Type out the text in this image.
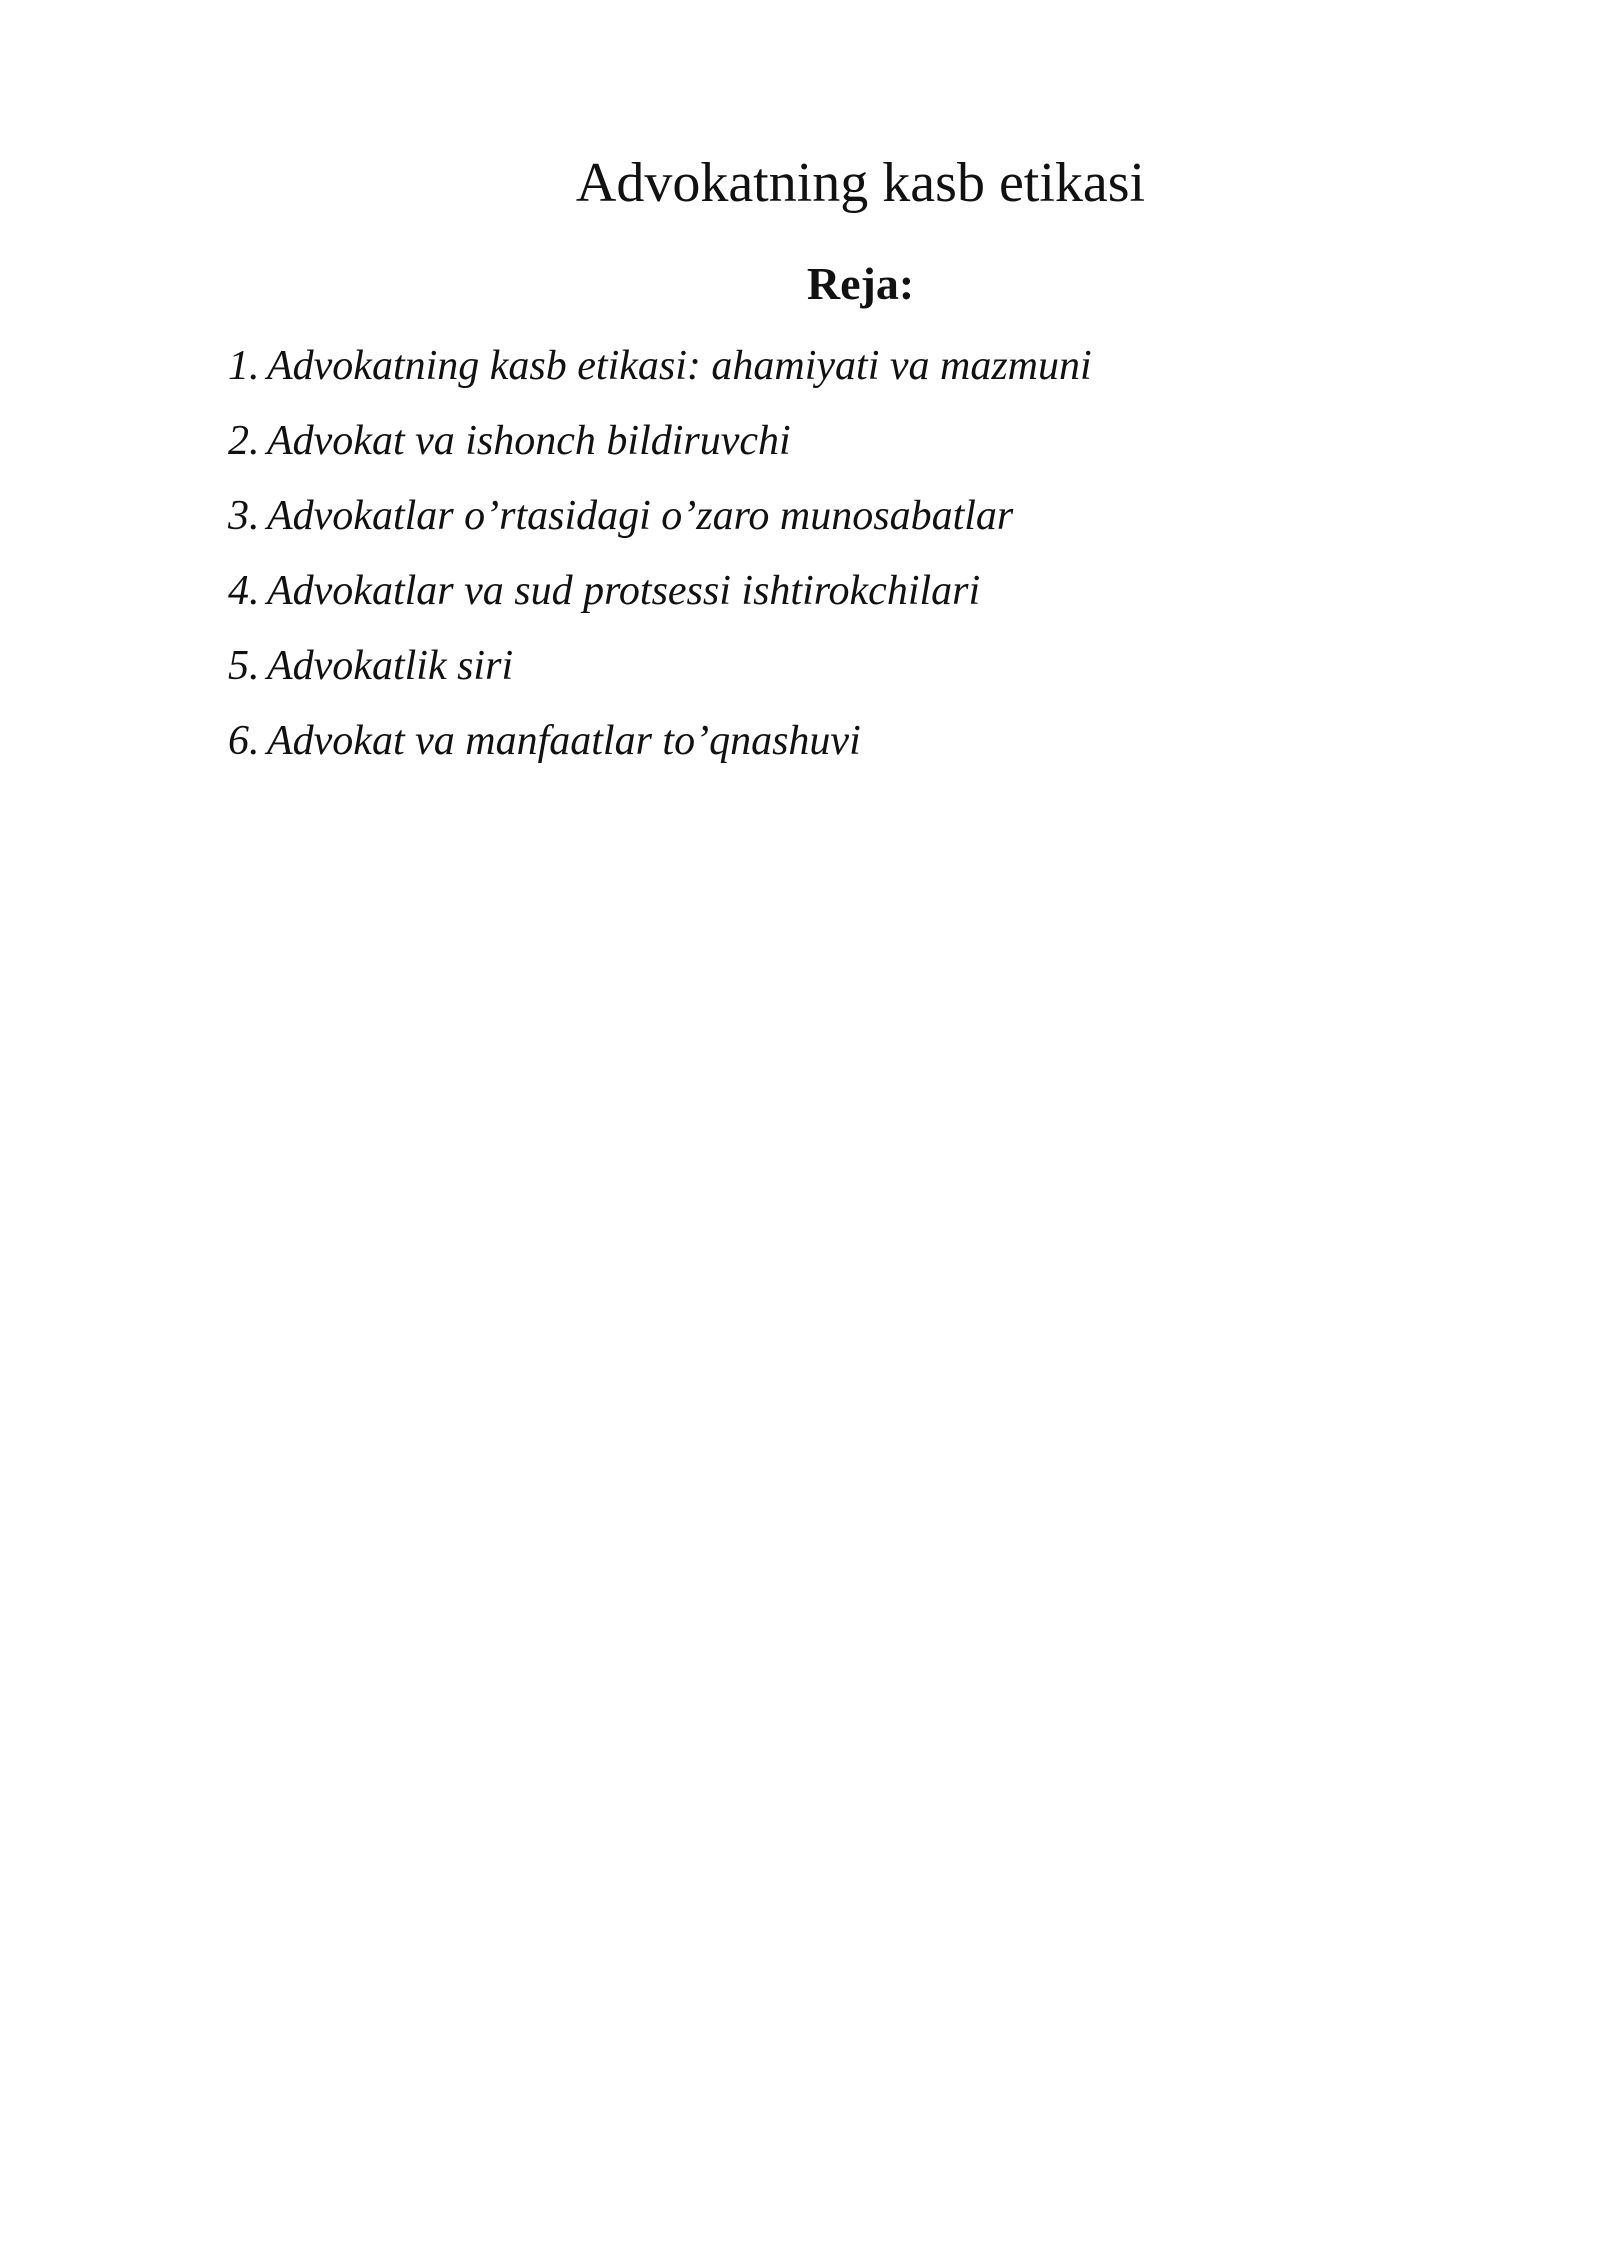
Advokatning kasb etikasi
Reja:
1. Advokatning kasb etikasi: ahamiyati va mazmuni
2. Advokat va ishonch bildiruvchi
3. Advokatlar o’rtasidagi o’zaro munosabatlar
4. Advokatlar va sud protsessi ishtirokchilari
5. Advokatlik siri
6. Advokat va manfaatlar to’qnashuvi
